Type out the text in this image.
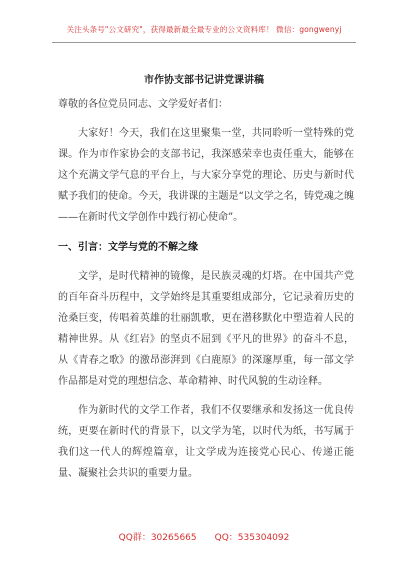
关注头条号"公文研究"，获得最新最全最专业的公文资料库！ 微信：gongwenyj
市作协支部书记讲党课讲稿

尊敬的各位党员同志、文学爱好者们：

大家好！今天，我们在这里聚集一堂，共同聆听一堂特殊的党课。作为市作家协会的支部书记，我深感荣幸也责任重大，能够在这个充满文学气息的平台上，与大家分享党的理论、历史与新时代赋予我们的使命。今天，我讲课的主题是“以文学之名，铸党魂之魄——在新时代文学创作中践行初心使命”。

一、引言：文学与党的不解之缘

文学，是时代精神的镜像，是民族灵魂的灯塔。在中国共产党的百年奋斗历程中，文学始终是其重要组成部分，它记录着历史的沧桑巨变，传唱着英雄的壮丽凯歌，更在潜移默化中塑造着人民的精神世界。从《红岩》的坚贞不屈到《平凡的世界》的奋斗不息，从《青春之歌》的激昂澎湃到《白鹿原》的深邃厚重，每一部文学作品都是对党的理想信念、革命精神、时代风貌的生动诠释。

作为新时代的文学工作者，我们不仅要继承和发扬这一优良传统，更要在新时代的背景下，以文学为笔，以时代为纸，书写属于我们这一代人的辉煌篇章，让文学成为连接党心民心、传递正能量、凝聚社会共识的重要力量。

QQ群：30265665 QQ：535304092
